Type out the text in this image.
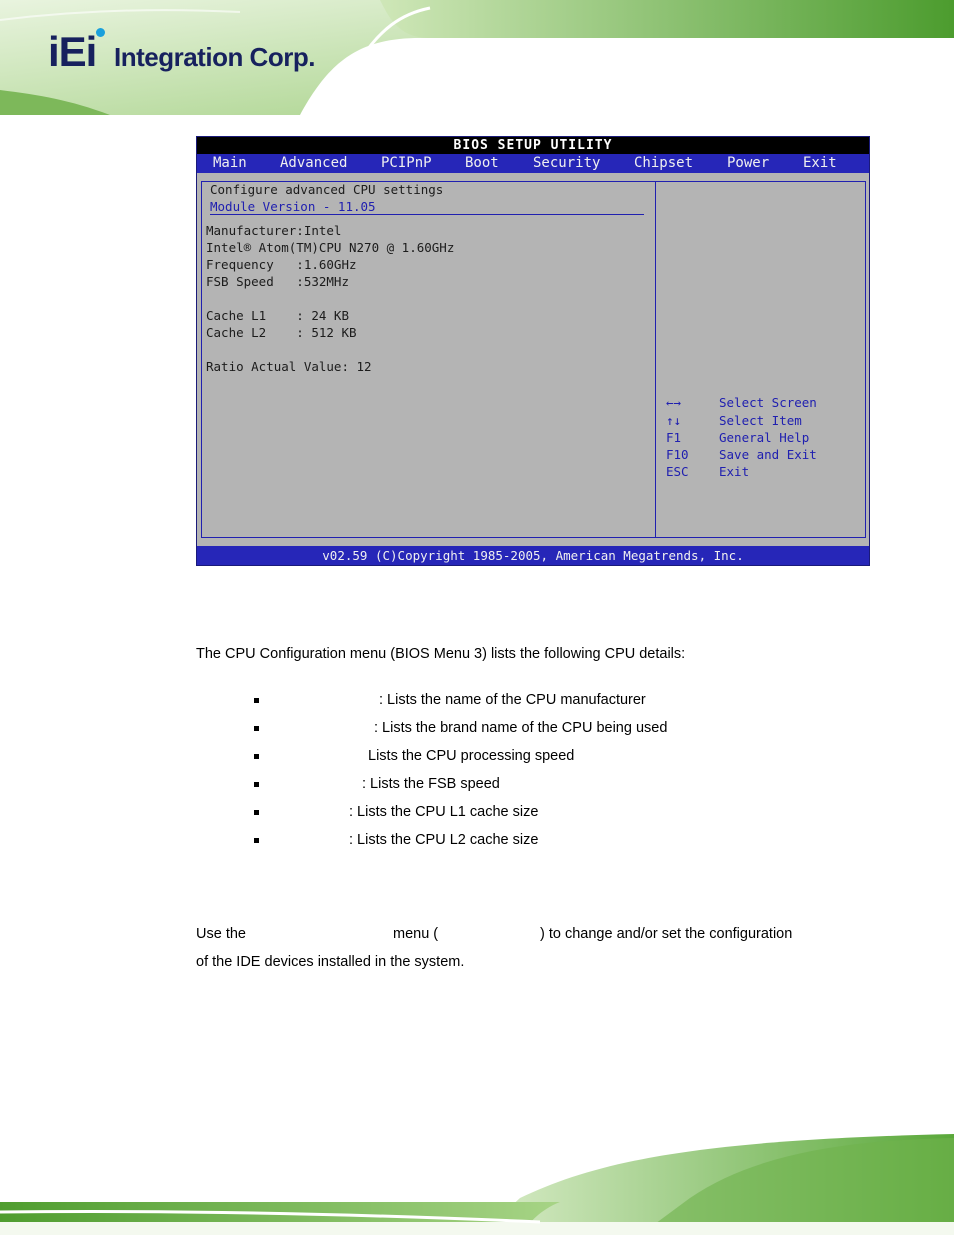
iEi Integration Corp.
BIOS SETUP UTILITY
Main Advanced PCIPnP Boot Security Chipset Power Exit
Configure advanced CPU settings
Module Version - 11.05
Manufacturer:Intel
Intel® Atom(TM)CPU N270 @ 1.60GHz
Frequency   :1.60GHz
FSB Speed   :532MHz
Cache L1    : 24 KB
Cache L2    : 512 KB
Ratio Actual Value: 12
←→	Select Screen
↑↓	Select Item
F1	General Help
F10 Save and Exit
ESC Exit
v02.59 (C)Copyright 1985-2005, American Megatrends, Inc.
The CPU Configuration menu (BIOS Menu 3) lists the following CPU details:
: Lists the name of the CPU manufacturer
: Lists the brand name of the CPU being used
Lists the CPU processing speed
: Lists the FSB speed
: Lists the CPU L1 cache size
: Lists the CPU L2 cache size
Use the	menu (	) to change and/or set the configuration
of the IDE devices installed in the system.
